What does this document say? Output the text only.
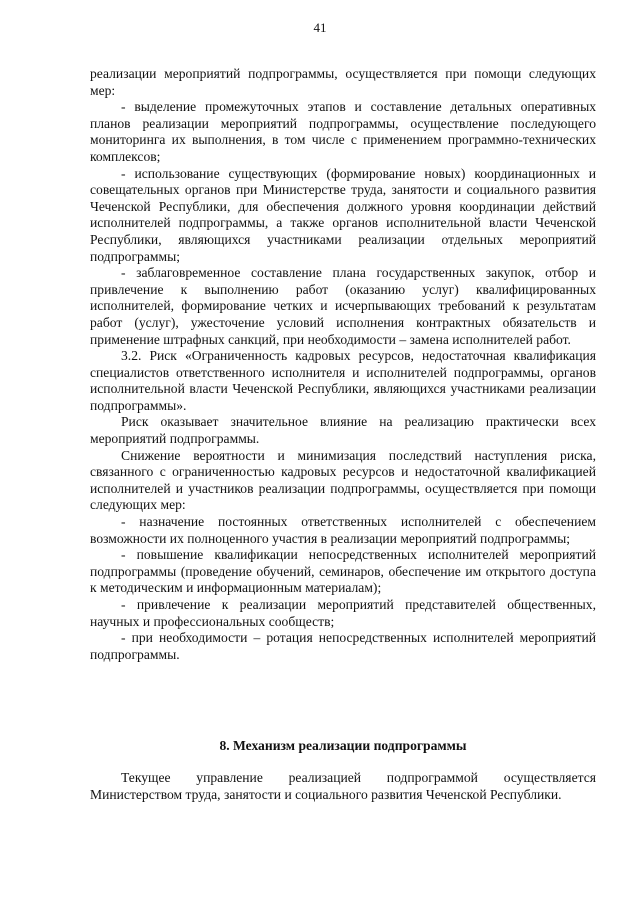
41

реализации мероприятий подпрограммы, осуществляется при помощи следующих мер:

- выделение промежуточных этапов и составление детальных оперативных планов реализации мероприятий подпрограммы, осуществление последующего мониторинга их выполнения, в том числе с применением программно-технических комплексов;

- использование существующих (формирование новых) координационных и совещательных органов при Министерстве труда, занятости и социального развития Чеченской Республики, для обеспечения должного уровня координации действий исполнителей подпрограммы, а также органов исполнительной власти Чеченской Республики, являющихся участниками реализации отдельных мероприятий подпрограммы;

- заблаговременное составление плана государственных закупок, отбор и привлечение к выполнению работ (оказанию услуг) квалифицированных исполнителей, формирование четких и исчерпывающих требований к результатам работ (услуг), ужесточение условий исполнения контрактных обязательств и применение штрафных санкций, при необходимости – замена исполнителей работ.

3.2. Риск «Ограниченность кадровых ресурсов, недостаточная квалификация специалистов ответственного исполнителя и исполнителей подпрограммы, органов исполнительной власти Чеченской Республики, являющихся участниками реализации подпрограммы».

Риск оказывает значительное влияние на реализацию практически всех мероприятий подпрограммы.

Снижение вероятности и минимизация последствий наступления риска, связанного с ограниченностью кадровых ресурсов и недостаточной квалификацией исполнителей и участников реализации подпрограммы, осуществляется при помощи следующих мер:

- назначение постоянных ответственных исполнителей с обеспечением возможности их полноценного участия в реализации мероприятий подпрограммы;

- повышение квалификации непосредственных исполнителей мероприятий подпрограммы (проведение обучений, семинаров, обеспечение им открытого доступа к методическим и информационным материалам);

- привлечение к реализации мероприятий представителей общественных, научных и профессиональных сообществ;

- при необходимости – ротация непосредственных исполнителей мероприятий подпрограммы.

8. Механизм реализации подпрограммы

Текущее управление реализацией подпрограммой осуществляется Министерством труда, занятости и социального развития Чеченской Республики.
